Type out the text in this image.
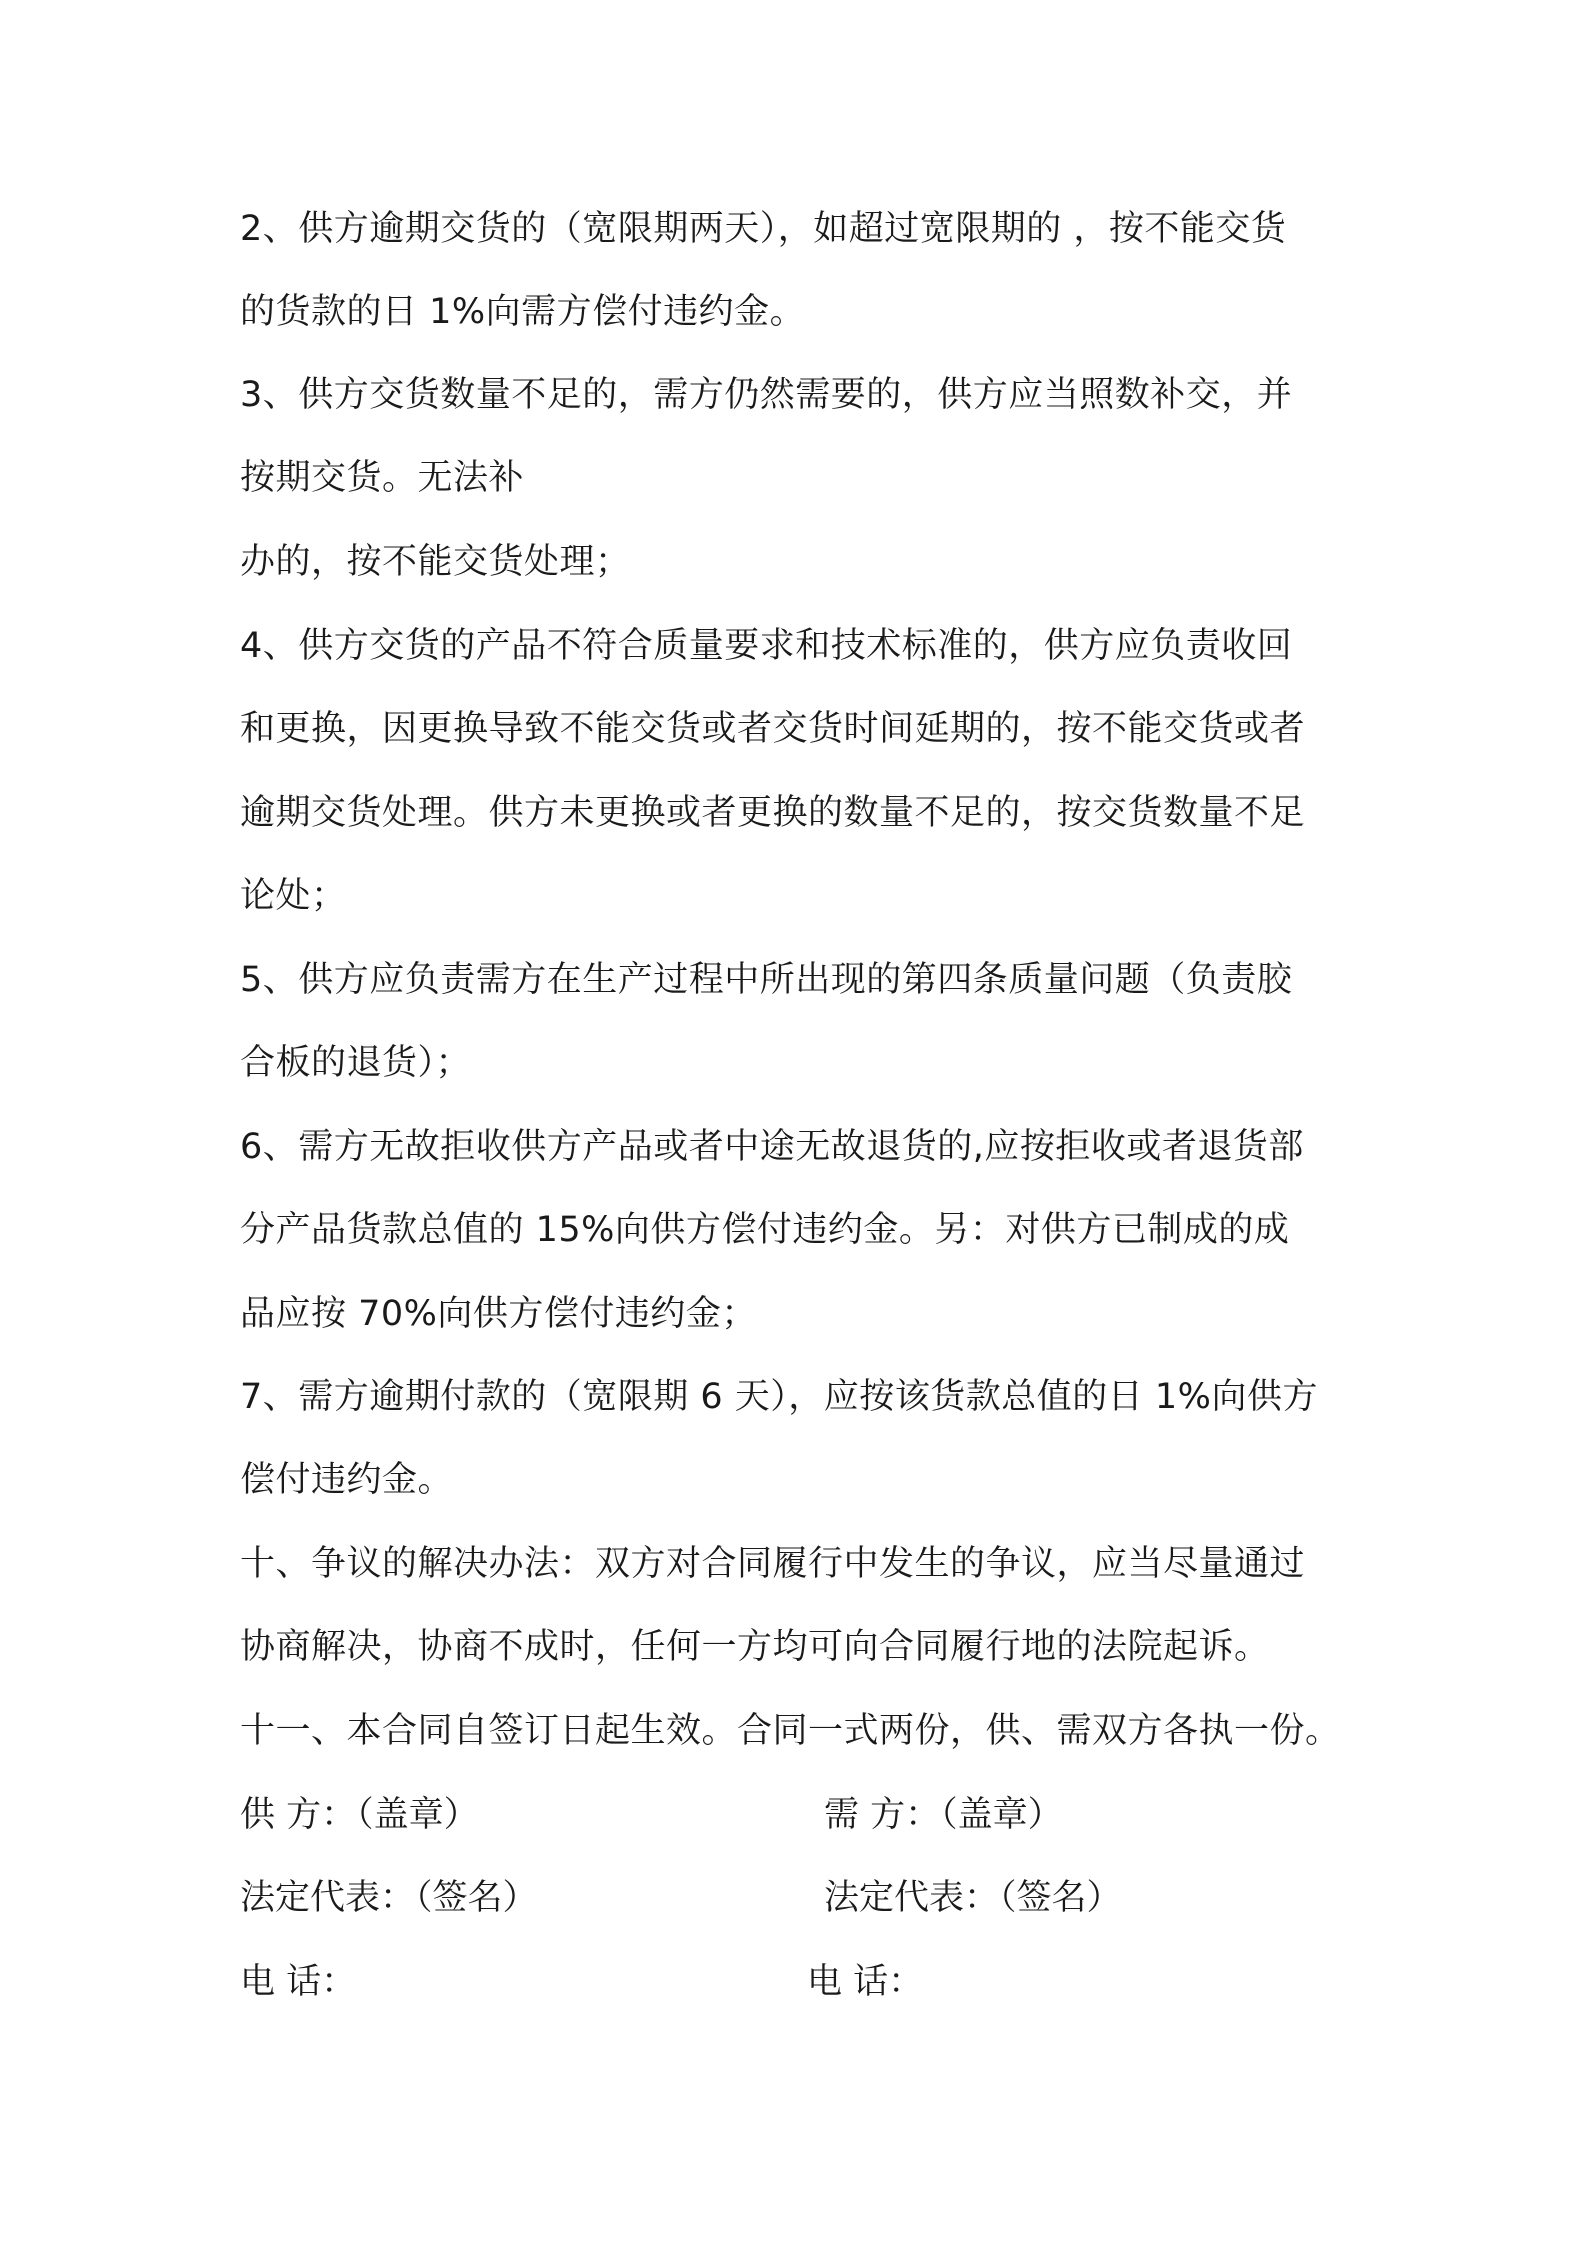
2、供方逾期交货的（宽限期两天），如超过宽限期的 ，按不能交货
的货款的日 1%向需方偿付违约金。
3、供方交货数量不足的，需方仍然需要的，供方应当照数补交，并
按期交货。无法补
办的，按不能交货处理；
4、供方交货的产品不符合质量要求和技术标准的，供方应负责收回
和更换，因更换导致不能交货或者交货时间延期的，按不能交货或者
逾期交货处理。供方未更换或者更换的数量不足的，按交货数量不足
论处；
5、供方应负责需方在生产过程中所出现的第四条质量问题（负责胶
合板的退货）；
6、需方无故拒收供方产品或者中途无故退货的,应按拒收或者退货部
分产品货款总值的 15%向供方偿付违约金。另：对供方已制成的成
品应按 70%向供方偿付违约金；
7、需方逾期付款的（宽限期 6 天），应按该货款总值的日 1%向供方
偿付违约金。
十、争议的解决办法：双方对合同履行中发生的争议，应当尽量通过
协商解决，协商不成时，任何一方均可向合同履行地的法院起诉。
十一、本合同自签订日起生效。合同一式两份，供、需双方各执一份。
供 方：（盖章）	需 方：（盖章）
法定代表：（签名）	法定代表：（签名）
电 话：	电 话：
